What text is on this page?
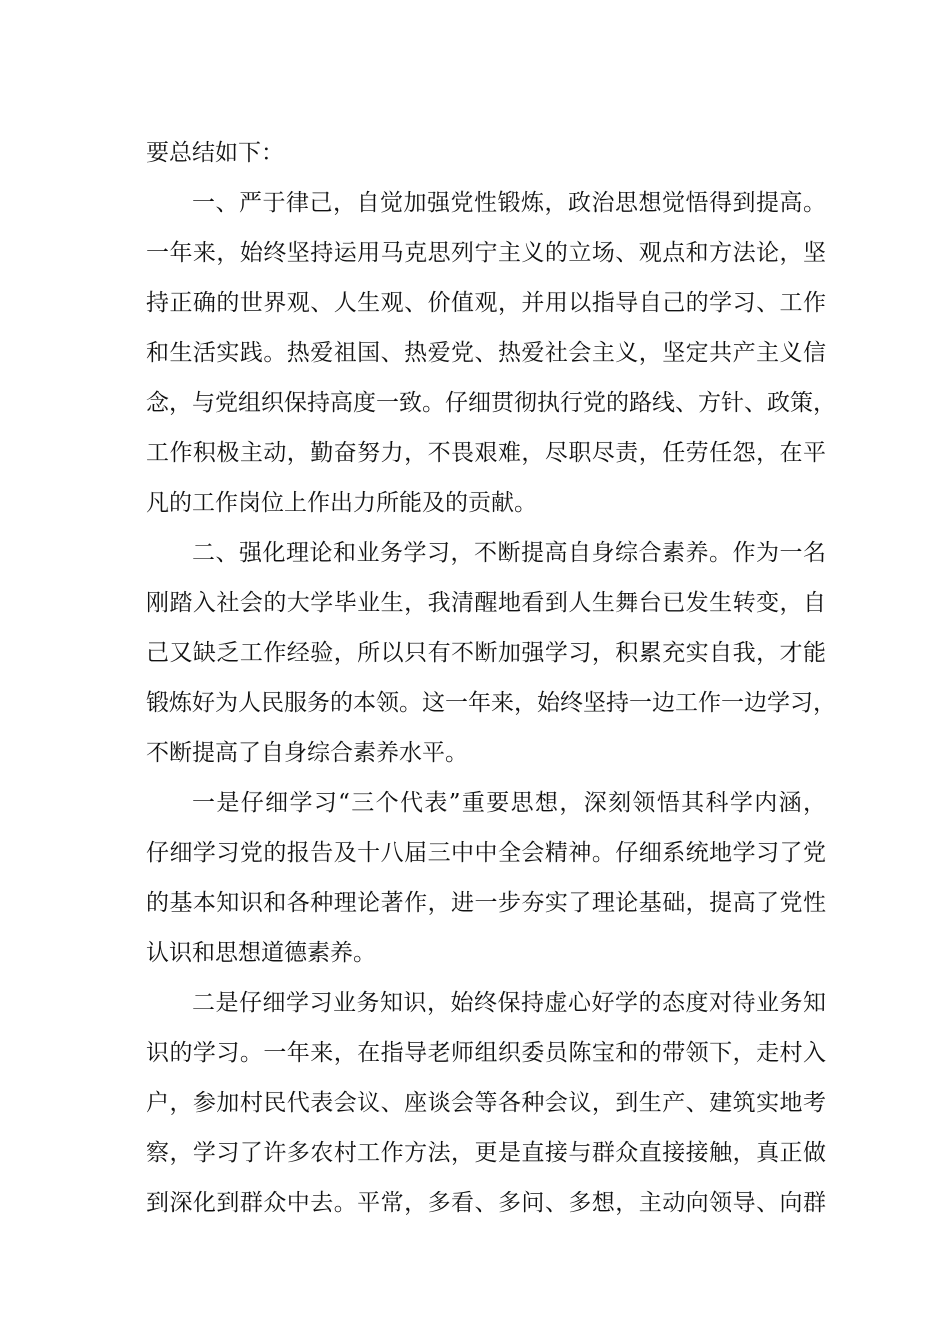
要总结如下：
一、严于律己，自觉加强党性锻炼，政治思想觉悟得到提高。
一年来，始终坚持运用马克思列宁主义的立场、观点和方法论，坚
持正确的世界观、人生观、价值观，并用以指导自己的学习、工作
和生活实践。热爱祖国、热爱党、热爱社会主义，坚定共产主义信
念，与党组织保持高度一致。仔细贯彻执行党的路线、方针、政策，
工作积极主动，勤奋努力，不畏艰难，尽职尽责，任劳任怨，在平
凡的工作岗位上作出力所能及的贡献。
二、强化理论和业务学习，不断提高自身综合素养。作为一名
刚踏入社会的大学毕业生，我清醒地看到人生舞台已发生转变，自
己又缺乏工作经验，所以只有不断加强学习，积累充实自我，才能
锻炼好为人民服务的本领。这一年来，始终坚持一边工作一边学习，
不断提高了自身综合素养水平。
一是仔细学习“三个代表”重要思想，深刻领悟其科学内涵，
仔细学习党的报告及十八届三中中全会精神。仔细系统地学习了党
的基本知识和各种理论著作，进一步夯实了理论基础，提高了党性
认识和思想道德素养。
二是仔细学习业务知识，始终保持虚心好学的态度对待业务知
识的学习。一年来，在指导老师组织委员陈宝和的带领下，走村入
户，参加村民代表会议、座谈会等各种会议，到生产、建筑实地考
察，学习了许多农村工作方法，更是直接与群众直接接触，真正做
到深化到群众中去。平常，多看、多问、多想，主动向领导、向群
